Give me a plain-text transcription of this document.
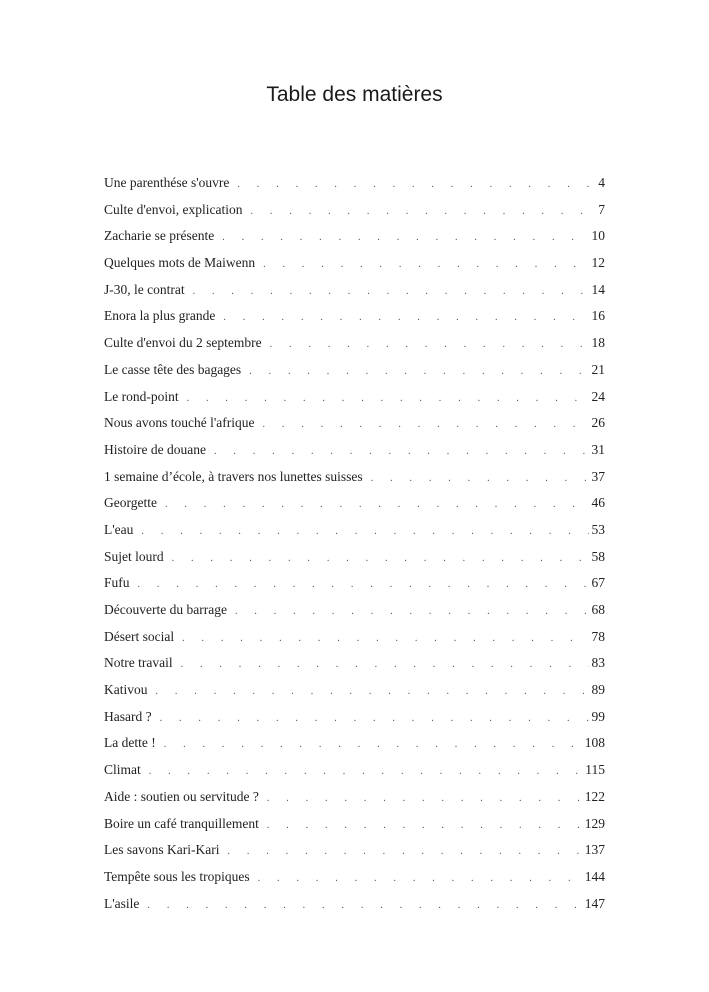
Table des matières
Une parenthése s'ouvre . . .	4
Culte d'envoi, explication . . .	7
Zacharie se présente . . .	10
Quelques mots de Maiwenn . . .	12
J-30, le contrat . . .	14
Enora la plus grande . . .	16
Culte d'envoi du 2 septembre . . .	18
Le casse tête des bagages . . .	21
Le rond-point . . .	24
Nous avons touché l'afrique . . .	26
Histoire de douane . . .	31
1 semaine d’école, à travers nos lunettes suisses . . .	37
Georgette . . .	46
L'eau . . .	53
Sujet lourd . . .	58
Fufu . . .	67
Découverte du barrage . . .	68
Désert social . . .	78
Notre travail . . .	83
Kativou . . .	89
Hasard ? . . .	99
La dette ! . . .	108
Climat . . .	115
Aide : soutien ou servitude ? . . .	122
Boire un café tranquillement . . .	129
Les savons Kari-Kari . . .	137
Tempête sous les tropiques . . .	144
L'asile . . .	147
